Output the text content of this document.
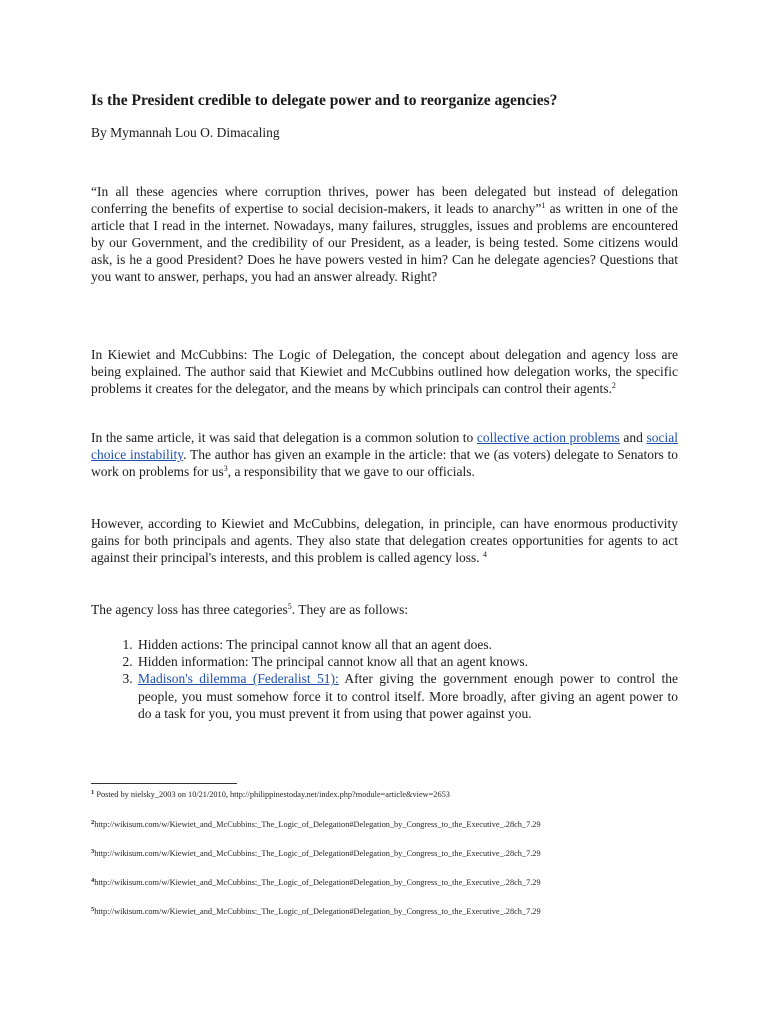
Is the President credible to delegate power and to reorganize agencies?

By Mymannah Lou O. Dimacaling

“In all these agencies where corruption thrives, power has been delegated but instead of delegation conferring the benefits of expertise to social decision-makers, it leads to anarchy”$^1$ as written in one of the article that I read in the internet. Nowadays, many failures, struggles, issues and problems are encountered by our Government, and the credibility of our President, as a leader, is being tested. Some citizens would ask, is he a good President? Does he have powers vested in him? Can he delegate agencies? Questions that you want to answer, perhaps, you had an answer already. Right?

In Kiewiet and McCubbins: The Logic of Delegation, the concept about delegation and agency loss are being explained. The author said that Kiewiet and McCubbins outlined how delegation works, the specific problems it creates for the delegator, and the means by which principals can control their agents.$^2$

In the same article, it was said that delegation is a common solution to collective action problems and social choice instability. The author has given an example in the article: that we (as voters) delegate to Senators to work on problems for $us^3$, a responsibility that we gave to our officials.

However, according to Kiewiet and McCubbins, delegation, in principle, can have enormous productivity gains for both principals and agents. They also state that delegation creates opportunities for agents to act against their principal's interests, and this problem is called agency loss. $^4$

The agency loss has three categories$^5$. They are as follows:

1. Hidden actions: The principal cannot know all that an agent does.
2. Hidden information: The principal cannot know all that an agent knows.
3. Madison's dilemma (Federalist 51): After giving the government enough power to control the people, you must somehow force it to control itself. More broadly, after giving an agent power to do a task for you, you must prevent it from using that power against you.
$^1$ Posted by nielsky_2003 on 10/21/2010, http://philippinestoday.net/index.php?module=article&view=2653
$^2$http://wikisum.com/w/Kiewiet_and_McCubbins:_The_Logic_of_Delegation#Delegation_by_Congress_to_the_Executive_.28ch_7.29
$^3$http://wikisum.com/w/Kiewiet_and_McCubbins:_The_Logic_of_Delegation#Delegation_by_Congress_to_the_Executive_.28ch_7.29
$^4$http://wikisum.com/w/Kiewiet_and_McCubbins:_The_Logic_of_Delegation#Delegation_by_Congress_to_the_Executive_.28ch_7.29
$^5$http://wikisum.com/w/Kiewiet_and_McCubbins:_The_Logic_of_Delegation#Delegation_by_Congress_to_the_Executive_.28ch_7.29
